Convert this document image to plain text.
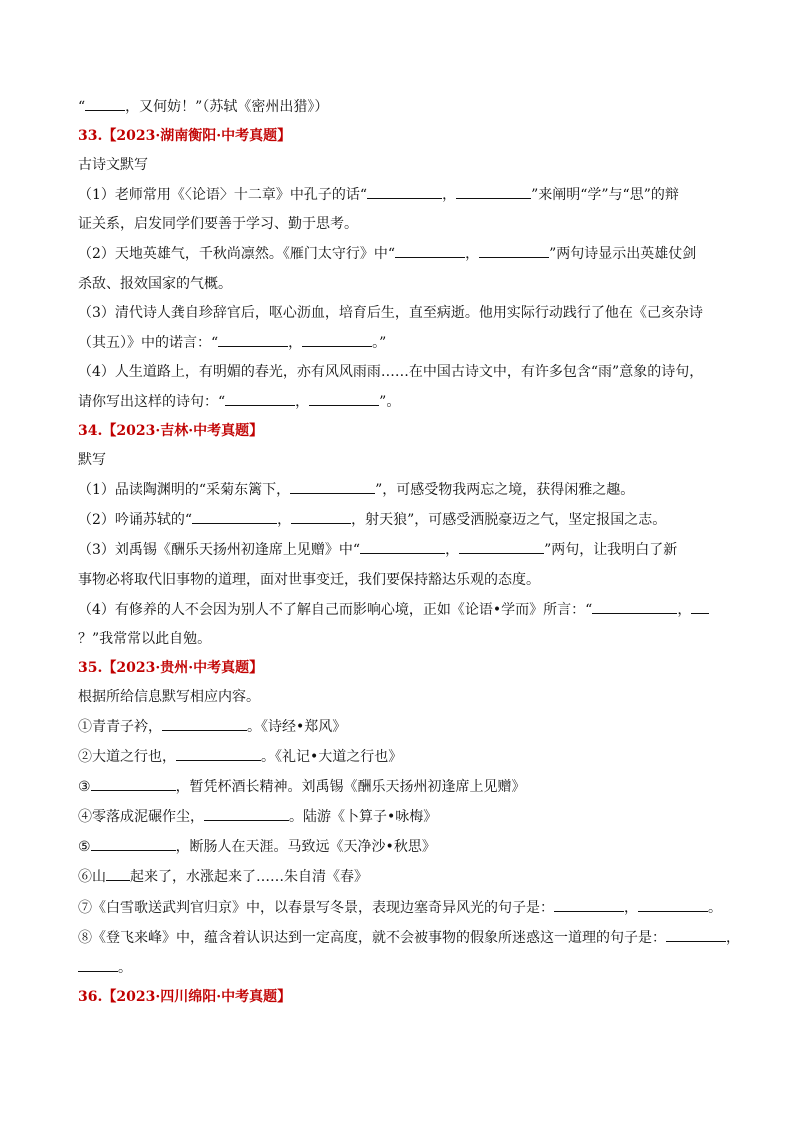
“	，又何妨！”（苏轼《密州出猎》）
33.【2023·湖南衡阳·中考真题】
古诗文默写
（1）老师常用《〈论语〉十二章》中孔子的话“	，	”来阐明“学”与“思”的辩
证关系，启发同学们要善于学习、勤于思考。
（2）天地英雄气，千秋尚凛然。《雁门太守行》中“	，	”两句诗显示出英雄仗剑
杀敌、报效国家的气概。
（3）清代诗人龚自珍辞官后，呕心沥血，培育后生，直至病逝。他用实际行动践行了他在《己亥杂诗
（其五）》中的诺言：“	，	。”
（4）人生道路上，有明媚的春光，亦有风风雨雨……在中国古诗文中，有许多包含“雨”意象的诗句，
请你写出这样的诗句：“	，	”。
34.【2023·吉林·中考真题】
默写
（1）品读陶渊明的“采菊东篱下，	”，可感受物我两忘之境，获得闲雅之趣。
（2）吟诵苏轼的“	，	，射天狼”，可感受洒脱豪迈之气，坚定报国之志。
（3）刘禹锡《酬乐天扬州初逢席上见赠》中“	，	”两句，让我明白了新
事物必将取代旧事物的道理，面对世事变迁，我们要保持豁达乐观的态度。
（4）有修养的人不会因为别人不了解自己而影响心境，正如《论语•学而》所言：“	，
？”我常常以此自勉。
35.【2023·贵州·中考真题】
根据所给信息默写相应内容。
①青青子衿，	。《诗经•郑风》
②大道之行也，	。《礼记•大道之行也》
③	，暂凭杯酒长精神。刘禹锡《酬乐天扬州初逢席上见赠》
④零落成泥碾作尘，	。陆游《卜算子•咏梅》
⑤	，断肠人在天涯。马致远《天净沙•秋思》
⑥山 起来了，水涨起来了……朱自清《春》
⑦《白雪歌送武判官归京》中，以春景写冬景，表现边塞奇异风光的句子是：	，	。
⑧《登飞来峰》中，蕴含着认识达到一定高度，就不会被事物的假象所迷惑这一道理的句子是：	，
。
36.【2023·四川绵阳·中考真题】
